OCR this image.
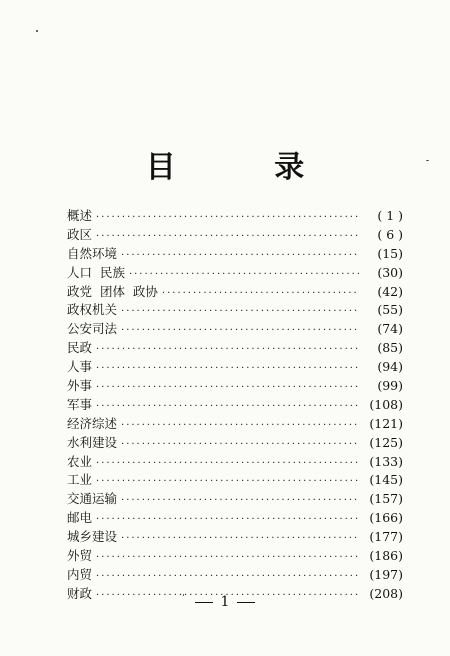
目 录
概述 ·····	( 1 )
政区 ·····	( 6 )
自然环境 ·····	(15)
人口  民族 ·····	(30)
政党  团体  政协 ·····	(42)
政权机关 ·····	(55)
公安司法 ·····	(74)
民政 ·····	(85)
人事 ·····	(94)
外事 ·····	(99)
军事 ·····	(108)
经济综述 ·····	(121)
水利建设 ·····	(125)
农业 ·····	(133)
工业 ·····	(145)
交通运输 ·····	(157)
邮电 ·····	(166)
城乡建设 ·····	(177)
外贸 ·····	(186)
内贸 ·····	(197)
财政 ·····	(208)
1
